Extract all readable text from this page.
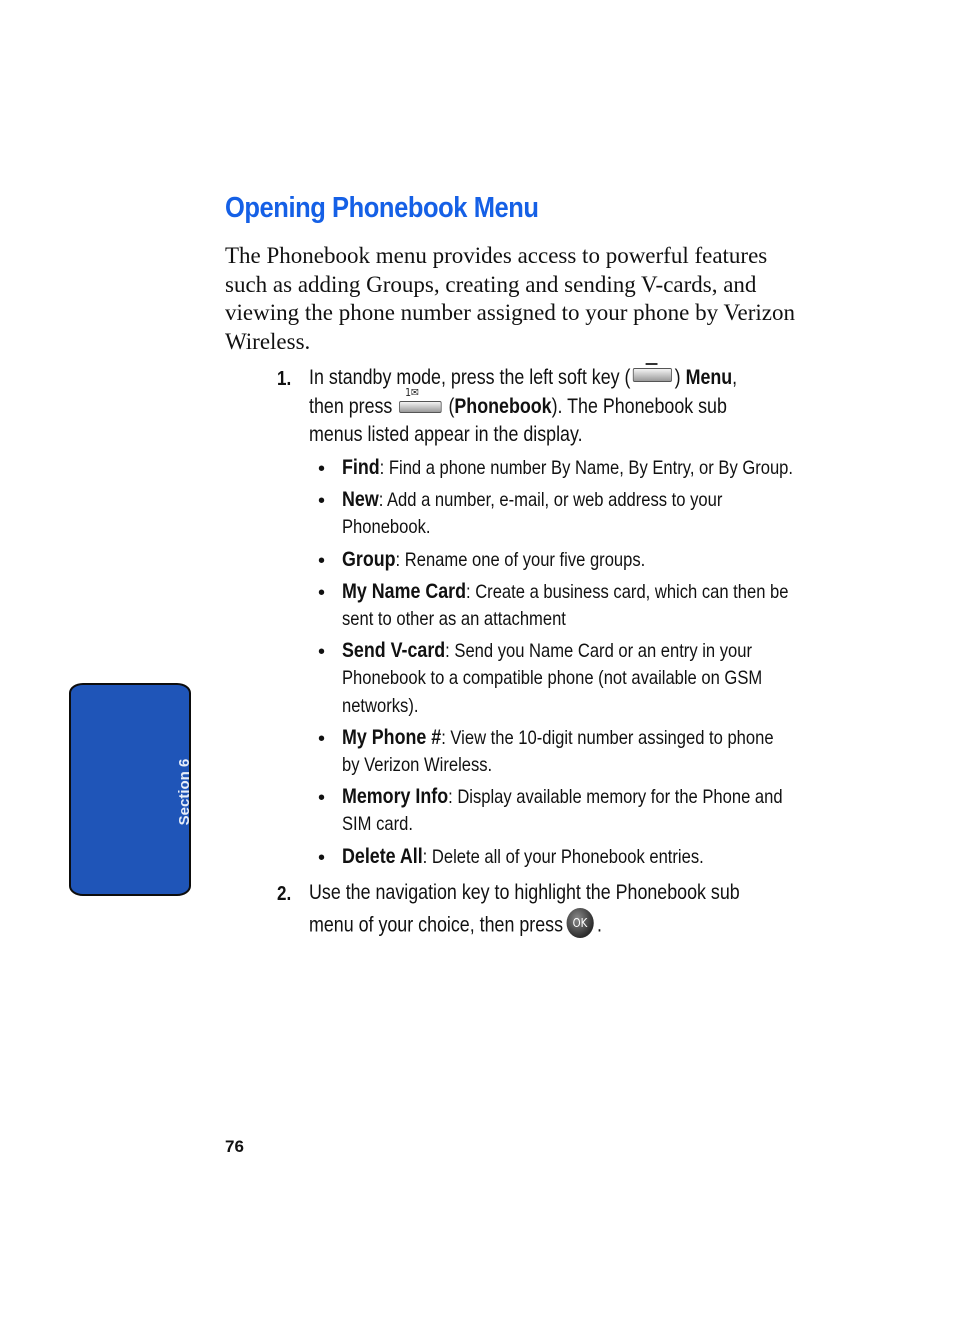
Opening Phonebook Menu

The Phonebook menu provides access to powerful features such as adding Groups, creating and sending V-cards, and viewing the phone number assigned to your phone by Verizon Wireless.

1. In standby mode, press the left soft key ( ) Menu,
then press
1✉
(Phonebook). The Phonebook sub
menus listed appear in the display.
• Find: Find a phone number By Name, By Entry, or By Group.
• New: Add a number, e-mail, or web address to your
Phonebook.
• Group: Rename one of your five groups.
• My Name Card: Create a business card, which can then be
sent to other as an attachment
• Send V-card: Send you Name Card or an entry in your
Phonebook to a compatible phone (not available on GSM
networks).
• My Phone #: View the 10-digit number assinged to phone
by Verizon Wireless.
• Memory Info: Display available memory for the Phone and
SIM card.
• Delete All: Delete all of your Phonebook entries.
2. Use the navigation key to highlight the Phonebook sub
menu of your choice, then press OK .
Section 6
76
